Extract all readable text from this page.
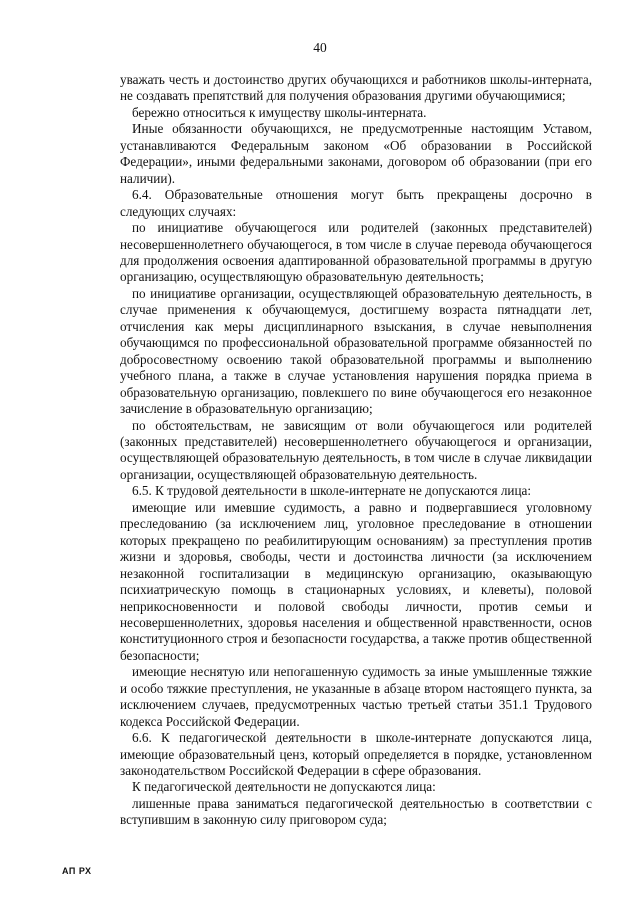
40

уважать честь и достоинство других обучающихся и работников школы-интерната, не создавать препятствий для получения образования другими обучающимися;

бережно относиться к имуществу школы-интерната.

Иные обязанности обучающихся, не предусмотренные настоящим Уставом, устанавливаются Федеральным законом «Об образовании в Российской Федерации», иными федеральными законами, договором об образовании (при его наличии).

6.4. Образовательные отношения могут быть прекращены досрочно в следующих случаях:

по инициативе обучающегося или родителей (законных представителей) несовершеннолетнего обучающегося, в том числе в случае перевода обучающегося для продолжения освоения адаптированной образовательной программы в другую организацию, осуществляющую образовательную деятельность;

по инициативе организации, осуществляющей образовательную деятельность, в случае применения к обучающемуся, достигшему возраста пятнадцати лет, отчисления как меры дисциплинарного взыскания, в случае невыполнения обучающимся по профессиональной образовательной программе обязанностей по добросовестному освоению такой образовательной программы и выполнению учебного плана, а также в случае установления нарушения порядка приема в образовательную организацию, повлекшего по вине обучающегося его незаконное зачисление в образовательную организацию;

по обстоятельствам, не зависящим от воли обучающегося или родителей (законных представителей) несовершеннолетнего обучающегося и организации, осуществляющей образовательную деятельность, в том числе в случае ликвидации организации, осуществляющей образовательную деятельность.

6.5. К трудовой деятельности в школе-интернате не допускаются лица:

имеющие или имевшие судимость, а равно и подвергавшиеся уголовному преследованию (за исключением лиц, уголовное преследование в отношении которых прекращено по реабилитирующим основаниям) за преступления против жизни и здоровья, свободы, чести и достоинства личности (за исключением незаконной госпитализации в медицинскую организацию, оказывающую психиатрическую помощь в стационарных условиях, и клеветы), половой неприкосновенности и половой свободы личности, против семьи и несовершеннолетних, здоровья населения и общественной нравственности, основ конституционного строя и безопасности государства, а также против общественной безопасности;

имеющие неснятую или непогашенную судимость за иные умышленные тяжкие и особо тяжкие преступления, не указанные в абзаце втором настоящего пункта, за исключением случаев, предусмотренных частью третьей статьи 351.1 Трудового кодекса Российской Федерации.

6.6. К педагогической деятельности в школе-интернате допускаются лица, имеющие образовательный ценз, который определяется в порядке, установленном законодательством Российской Федерации в сфере образования.

К педагогической деятельности не допускаются лица:

лишенные права заниматься педагогической деятельностью в соответствии с вступившим в законную силу приговором суда;

АП РХ
